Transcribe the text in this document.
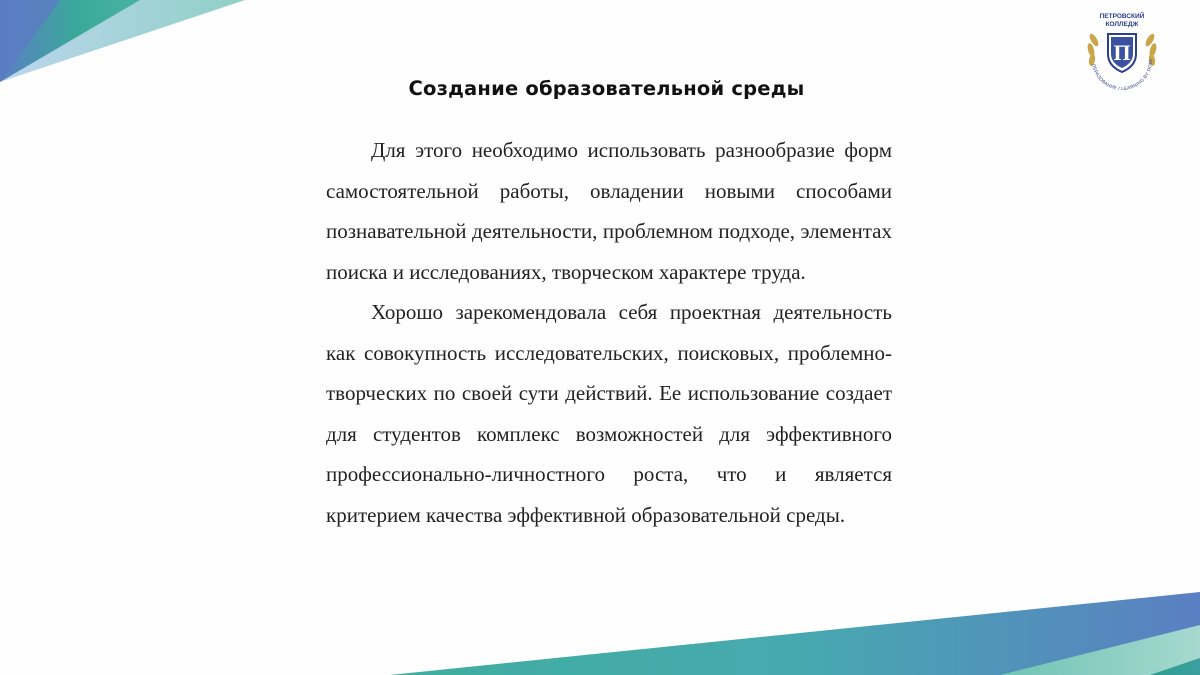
Создание образовательной среды

Для этого необходимо использовать разнообразие форм самостоятельной работы, овладении новыми способами познавательной деятельности, проблемном подходе, элементах поиска и исследованиях, творческом характере труда.

Хорошо зарекомендовала себя проектная деятельность как совокупность исследовательских, поисковых, проблемно-творческих по своей сути действий. Ее использование создает для студентов комплекс возможностей для эффективного профессионально-личностного роста, что и является критерием качества эффективной образовательной среды.

ПЕТРОВСКИЙ
КОЛЛЕДЖ
П
ОБРАЗОВАНИЕ / LEARNING BY DOIN
